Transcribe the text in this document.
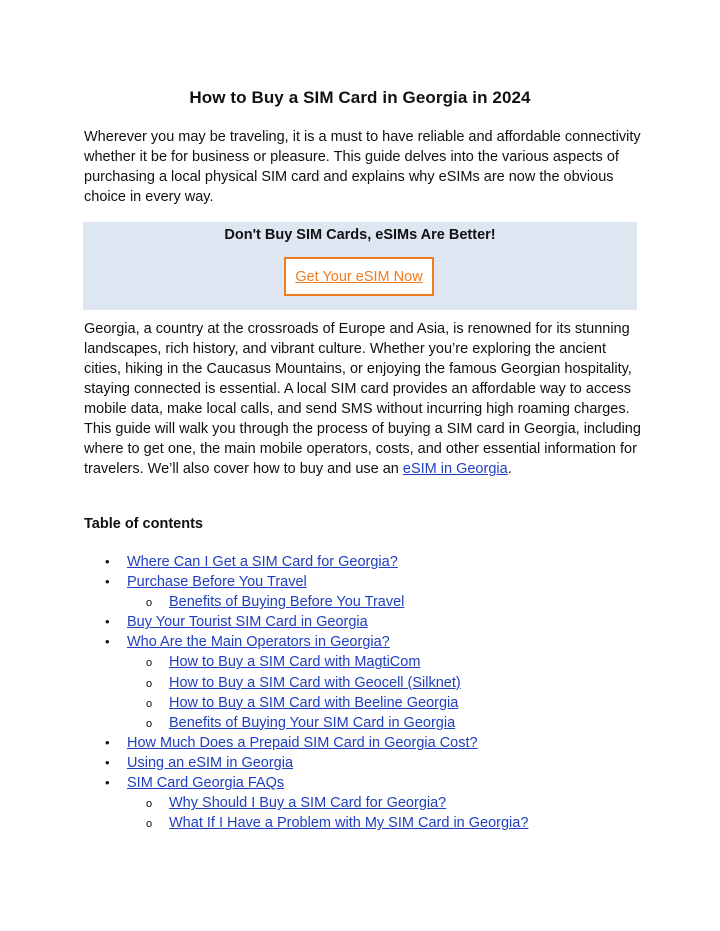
How to Buy a SIM Card in Georgia in 2024

Wherever you may be traveling, it is a must to have reliable and affordable connectivity whether it be for business or pleasure. This guide delves into the various aspects of purchasing a local physical SIM card and explains why eSIMs are now the obvious choice in every way.

Don't Buy SIM Cards, eSIMs Are Better!
Get Your eSIM Now

Georgia, a country at the crossroads of Europe and Asia, is renowned for its stunning landscapes, rich history, and vibrant culture. Whether you’re exploring the ancient cities, hiking in the Caucasus Mountains, or enjoying the famous Georgian hospitality, staying connected is essential. A local SIM card provides an affordable way to access mobile data, make local calls, and send SMS without incurring high roaming charges. This guide will walk you through the process of buying a SIM card in Georgia, including where to get one, the main mobile operators, costs, and other essential information for travelers. We’ll also cover how to buy and use an eSIM in Georgia.

Table of contents
• Where Can I Get a SIM Card for Georgia?
• Purchase Before You Travel
o Benefits of Buying Before You Travel
• Buy Your Tourist SIM Card in Georgia
• Who Are the Main Operators in Georgia?
o How to Buy a SIM Card with MagtiCom
o How to Buy a SIM Card with Geocell (Silknet)
o How to Buy a SIM Card with Beeline Georgia
o Benefits of Buying Your SIM Card in Georgia
• How Much Does a Prepaid SIM Card in Georgia Cost?
• Using an eSIM in Georgia
• SIM Card Georgia FAQs
o Why Should I Buy a SIM Card for Georgia?
o What If I Have a Problem with My SIM Card in Georgia?
